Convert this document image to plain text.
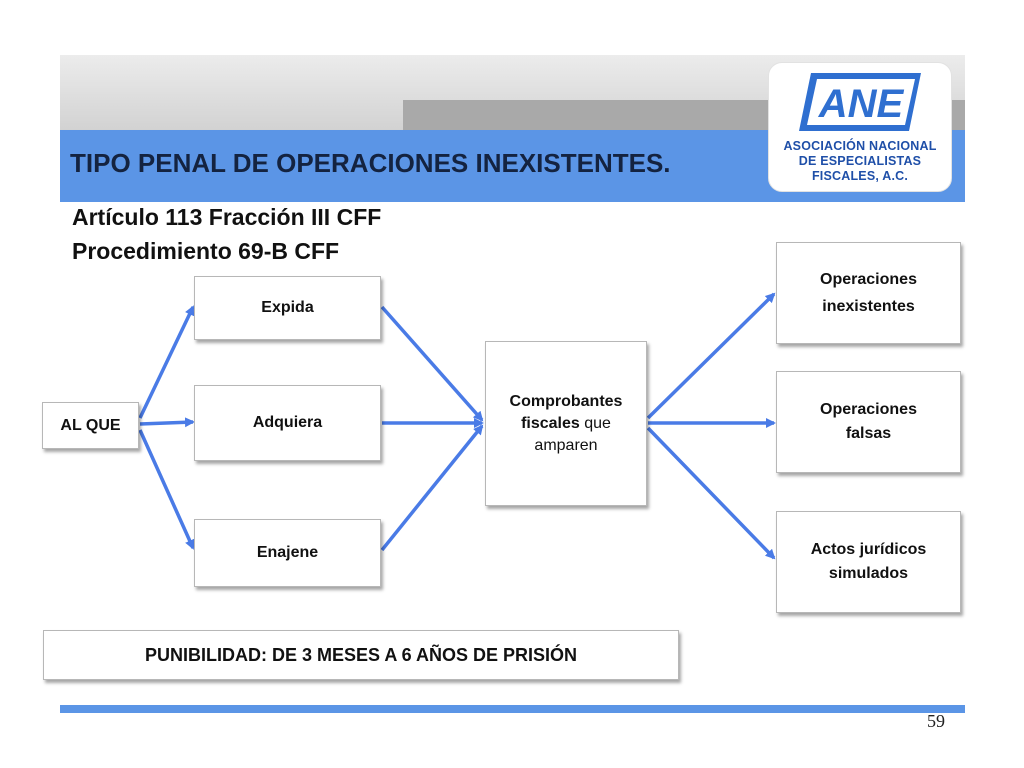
TIPO PENAL DE OPERACIONES INEXISTENTES.
ANE
ASOCIACIÓN NACIONAL
DE ESPECIALISTAS
FISCALES, A.C.
Artículo 113 Fracción III CFF
Procedimiento 69-B CFF
AL QUE
Expida
Adquiera
Enajene
Comprobantes
fiscales que
amparen
Operaciones
inexistentes
Operaciones
falsas
Actos jurídicos
simulados
PUNIBILIDAD: DE 3 MESES A 6 AÑOS DE PRISIÓN
59
